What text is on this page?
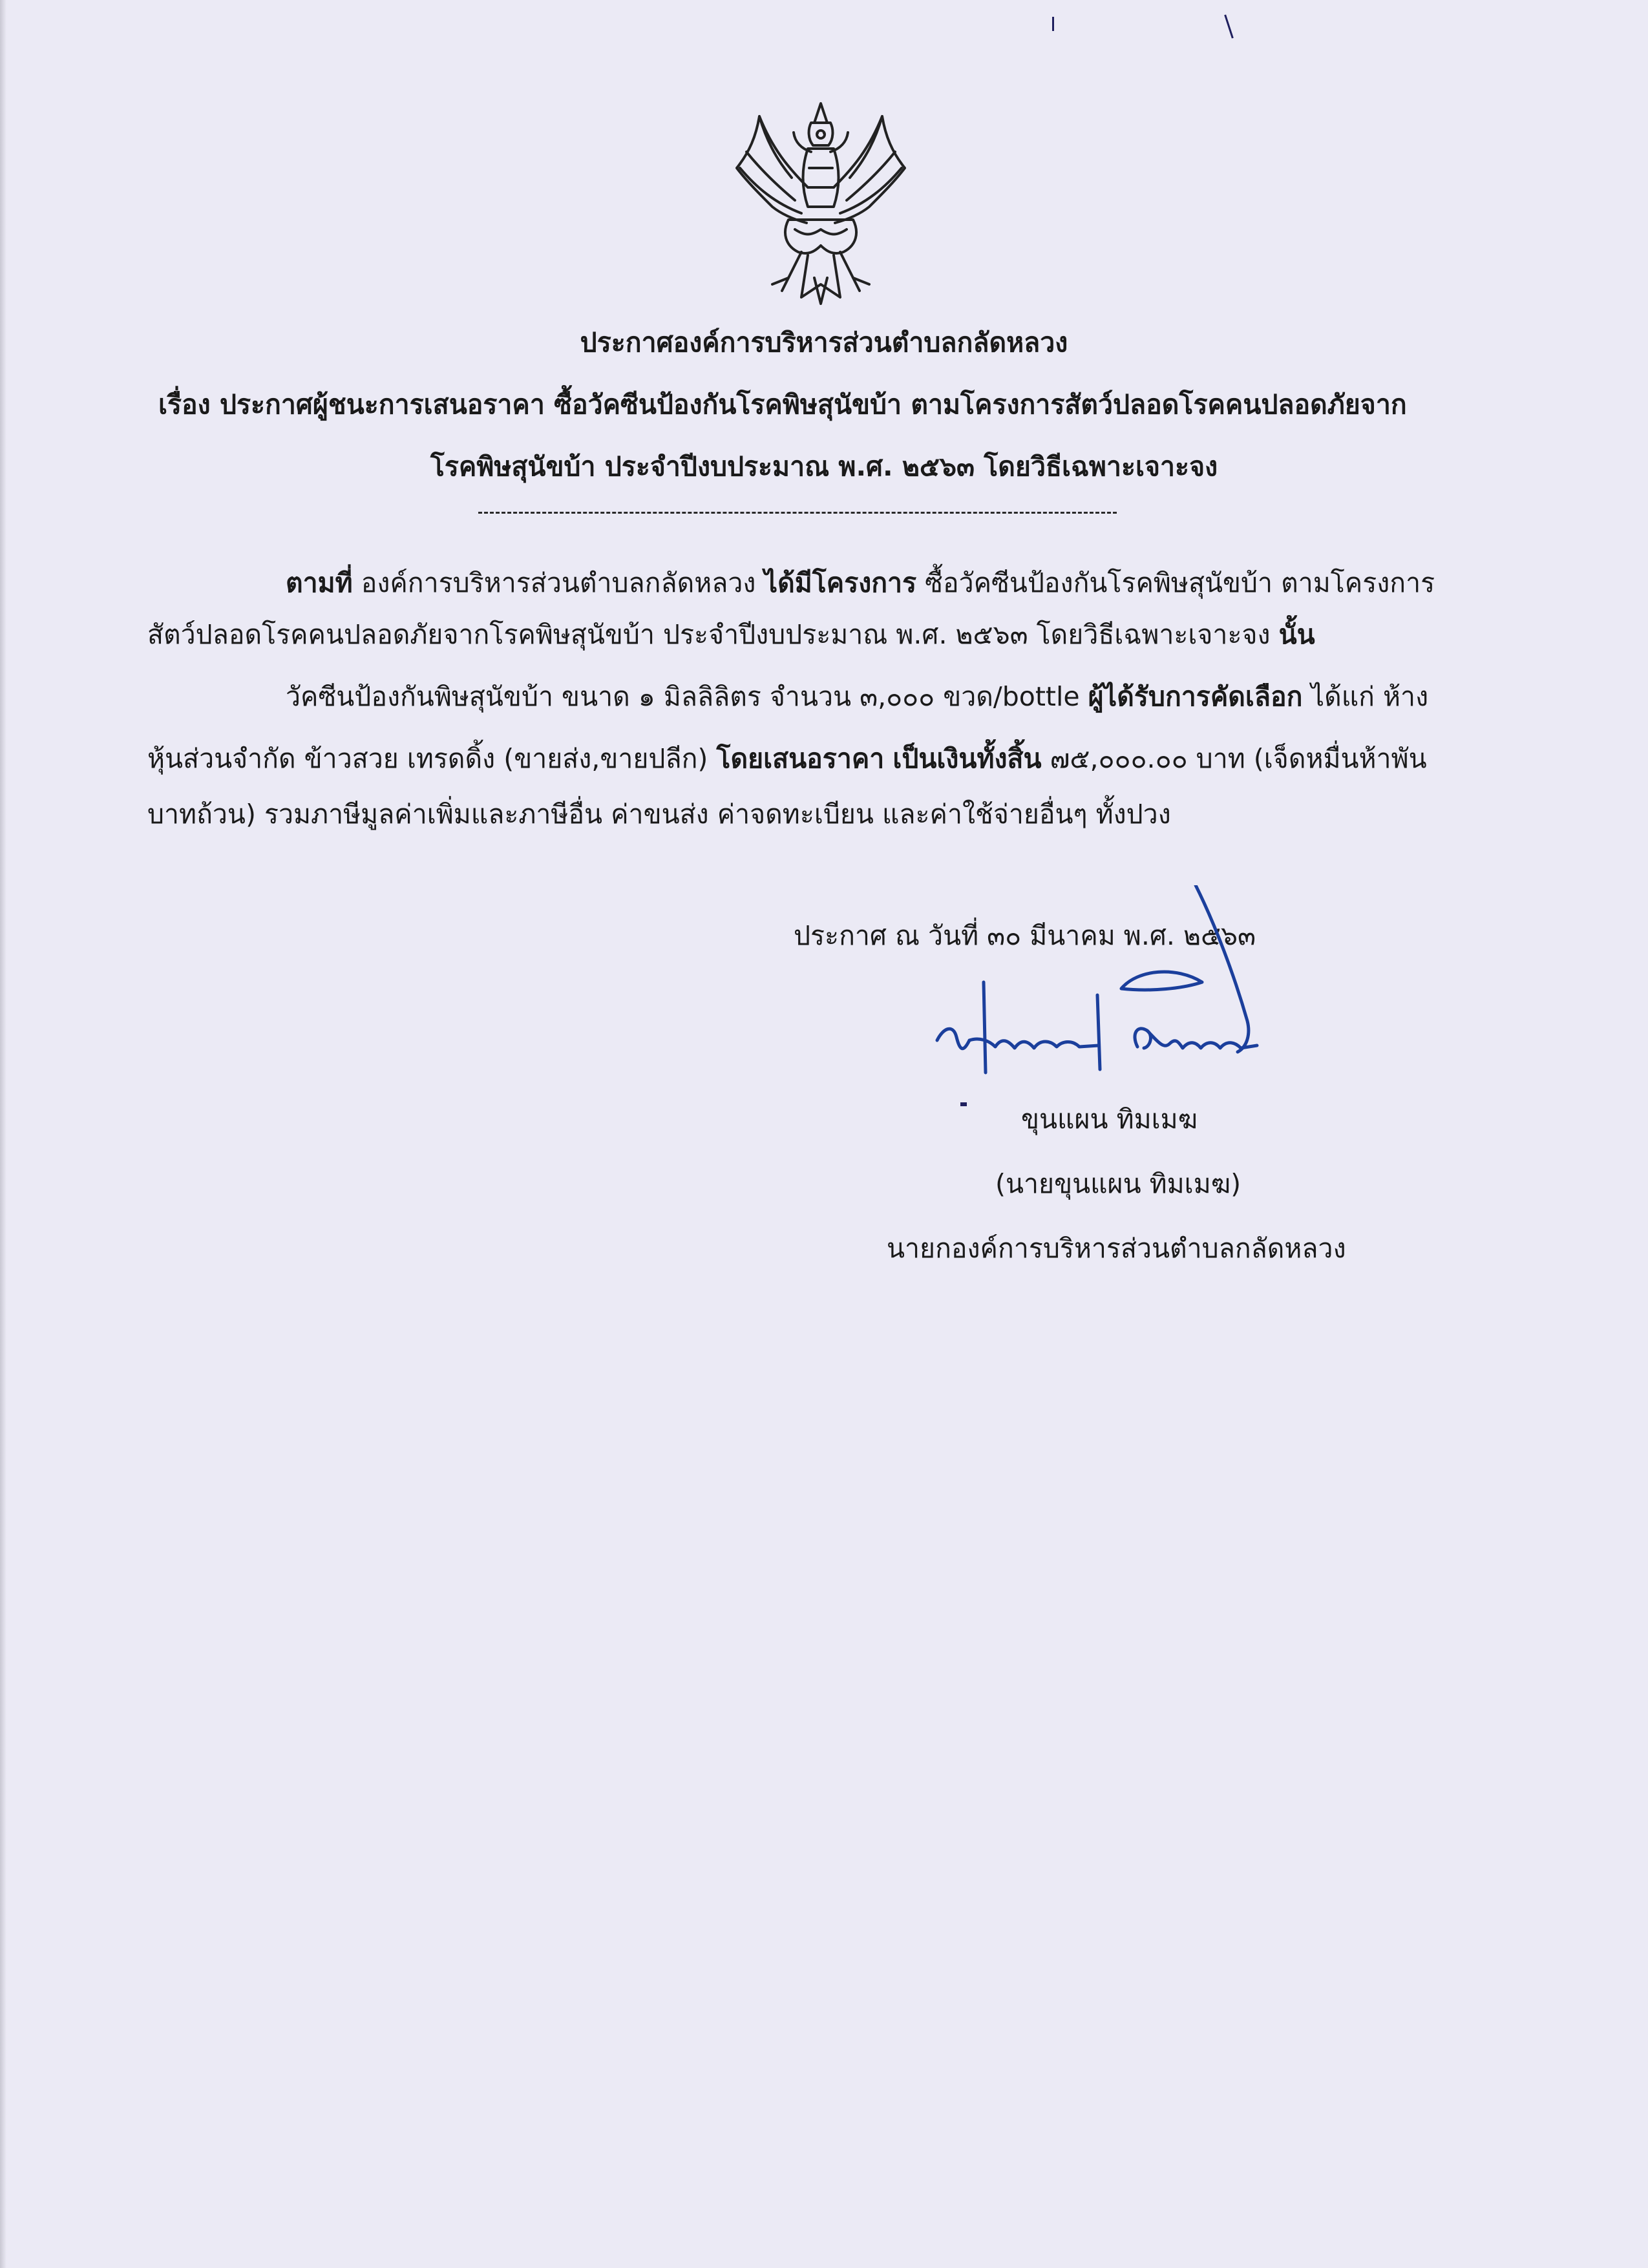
ประกาศองค์การบริหารส่วนตำบลกลัดหลวง
เรื่อง ประกาศผู้ชนะการเสนอราคา ซื้อวัคซีนป้องกันโรคพิษสุนัขบ้า ตามโครงการสัตว์ปลอดโรคคนปลอดภัยจาก
โรคพิษสุนัขบ้า ประจำปีงบประมาณ พ.ศ. ๒๕๖๓ โดยวิธีเฉพาะเจาะจง
ตามที่ องค์การบริหารส่วนตำบลกลัดหลวง ได้มีโครงการ ซื้อวัคซีนป้องกันโรคพิษสุนัขบ้า ตามโครงการ
สัตว์ปลอดโรคคนปลอดภัยจากโรคพิษสุนัขบ้า ประจำปีงบประมาณ พ.ศ. ๒๕๖๓ โดยวิธีเฉพาะเจาะจง นั้น
วัคซีนป้องกันพิษสุนัขบ้า ขนาด ๑ มิลลิลิตร จำนวน ๓,๐๐๐ ขวด/bottle ผู้ได้รับการคัดเลือก ได้แก่ ห้าง
หุ้นส่วนจำกัด ข้าวสวย เทรดดิ้ง (ขายส่ง,ขายปลีก) โดยเสนอราคา เป็นเงินทั้งสิ้น ๗๕,๐๐๐.๐๐ บาท (เจ็ดหมื่นห้าพัน
บาทถ้วน) รวมภาษีมูลค่าเพิ่มและภาษีอื่น ค่าขนส่ง ค่าจดทะเบียน และค่าใช้จ่ายอื่นๆ ทั้งปวง
ประกาศ ณ วันที่ ๓๐ มีนาคม พ.ศ. ๒๕๖๓
ขุนแผน ทิมเมฆ
(นายขุนแผน ทิมเมฆ)
นายกองค์การบริหารส่วนตำบลกลัดหลวง
